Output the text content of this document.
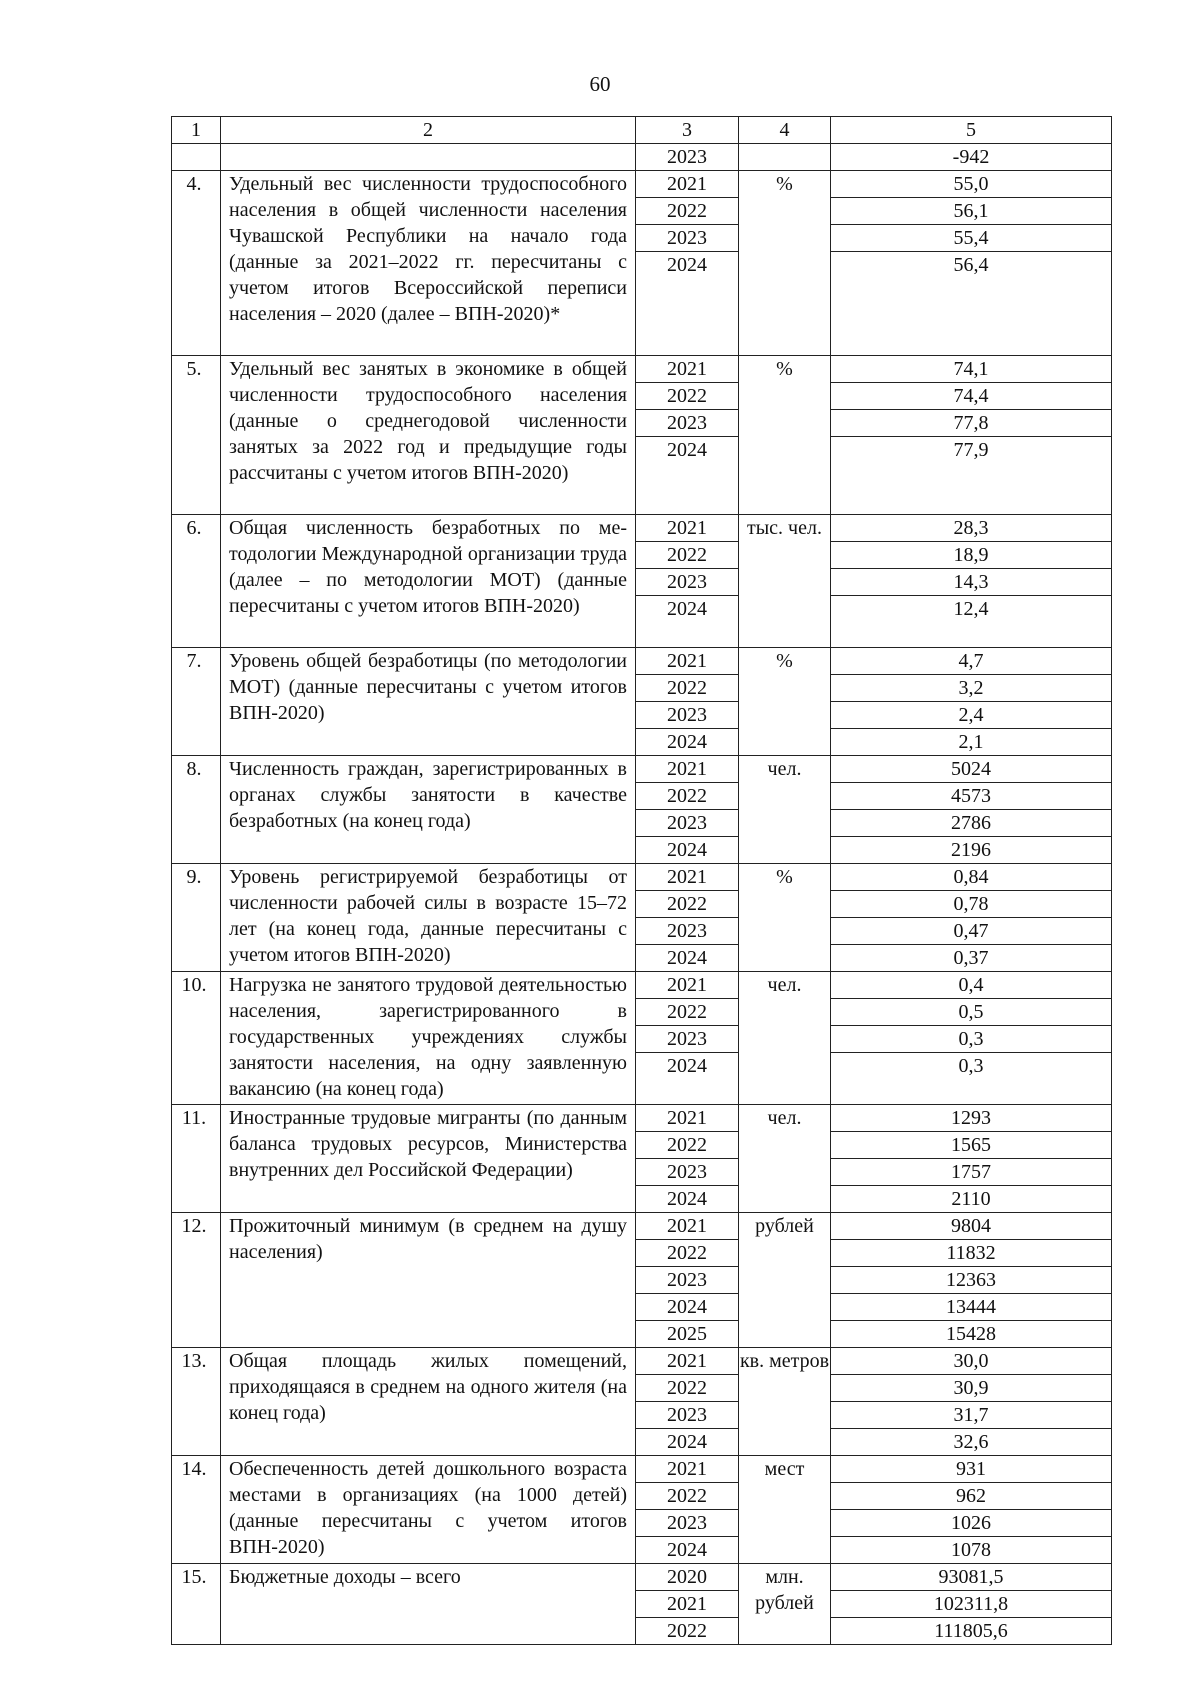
60
1	2	3	4	5
		2023		-942
4.	Удельный вес численности трудоспособного населения в общей численности населения Чувашской Республики на начало года (данные за 2021–2022 гг. пересчитаны с учетом итогов Всероссийской переписи населения – 2020 (далее – ВПН-2020)*	2021	%	55,0
		2022		56,1
		2023		55,4
		2024		56,4

5.	Удельный вес занятых в экономике в общей численности трудоспособного населения (данные о среднегодовой численности занятых за 2022 год и предыдущие годы рассчитаны с учетом итогов ВПН-2020)	2021	%	74,1
		2022		74,4
		2023		77,8
		2024		77,9

6.	Общая численность безработных по методологии Международной организации труда (далее – по методологии МОТ) (данные пересчитаны с учетом итогов ВПН-2020)	2021	тыс. чел.	28,3
		2022		18,9
		2023		14,3
		2024		12,4

7.	Уровень общей безработицы (по методологии МОТ) (данные пересчитаны с учетом итогов ВПН-2020)	2021	%	4,7
		2022		3,2
		2023		2,4
		2024		2,1
8.	Численность граждан, зарегистрированных в органах службы занятости в качестве безработных (на конец года)	2021	чел.	5024
		2022		4573
		2023		2786
		2024		2196
9.	Уровень регистрируемой безработицы от численности рабочей силы в возрасте 15–72 лет (на конец года, данные пересчитаны с учетом итогов ВПН-2020)	2021	%	0,84
		2022		0,78
		2023		0,47
		2024		0,37
10.	Нагрузка не занятого трудовой деятельностью населения, зарегистрированного в государственных учреждениях службы занятости населения, на одну заявленную вакансию (на конец года)	2021	чел.	0,4
		2022		0,5
		2023		0,3
		2024		0,3

11.	Иностранные трудовые мигранты (по данным баланса трудовых ресурсов, Министерства внутренних дел Российской Федерации)	2021	чел.	1293
		2022		1565
		2023		1757
		2024		2110
12.	Прожиточный минимум (в среднем на душу населения)	2021	рублей	9804
		2022		11832
		2023		12363
		2024		13444
		2025		15428
13.	Общая площадь жилых помещений, приходящаяся в среднем на одного жителя (на конец года)	2021	кв. метров	30,0
		2022		30,9
		2023		31,7
		2024		32,6
14.	Обеспеченность детей дошкольного возраста местами в организациях (на 1000 детей) (данные пересчитаны с учетом итогов ВПН-2020)	2021	мест	931
		2022		962
		2023		1026
		2024		1078
15.	Бюджетные доходы – всего	2020	млн. рублей	93081,5
		2021		102311,8
		2022		111805,6
